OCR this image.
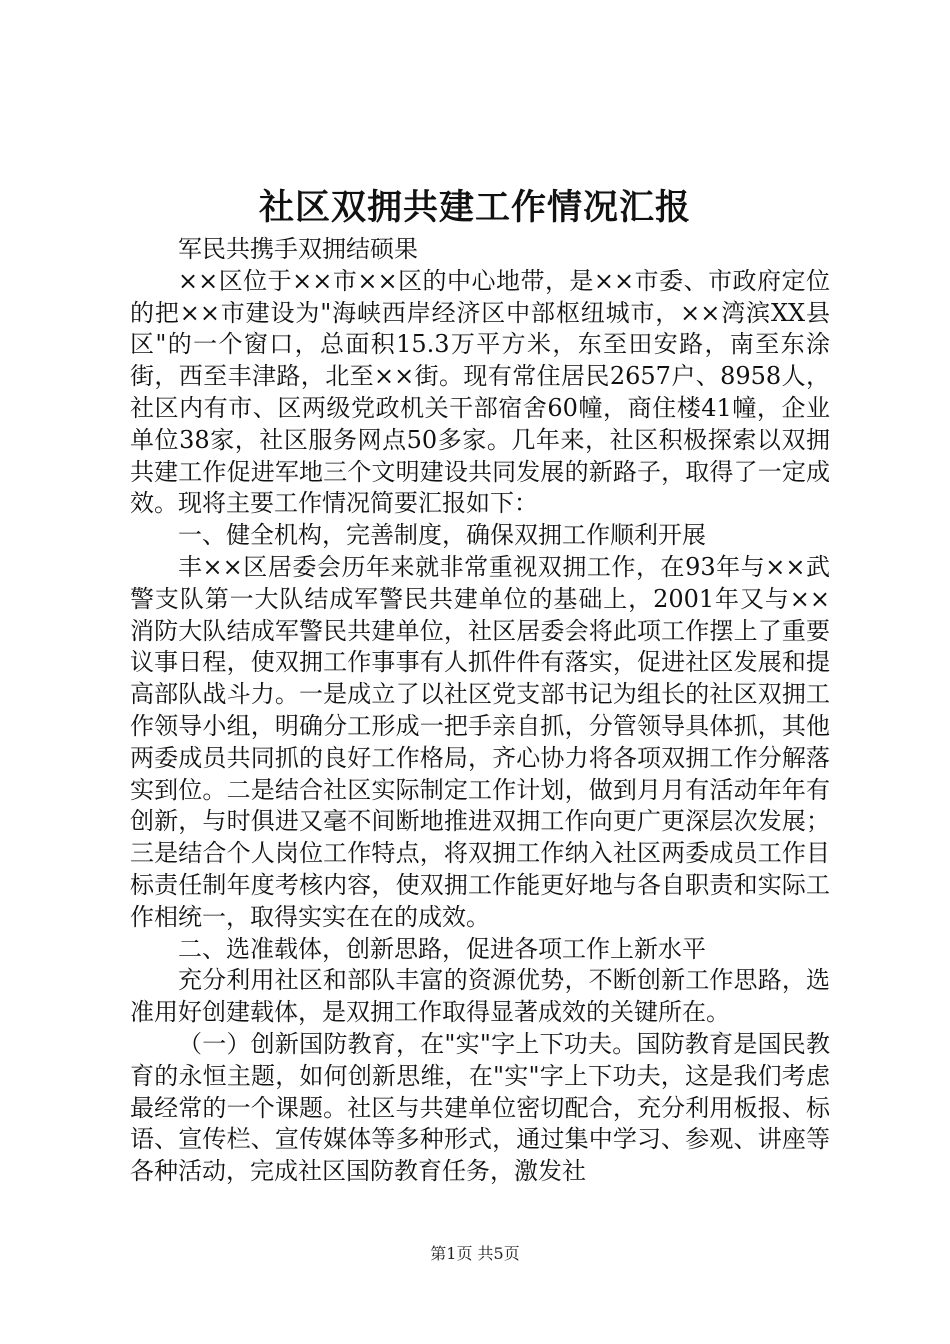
社区双拥共建工作情况汇报

军民共携手双拥结硕果

××区位于××市××区的中心地带，是××市委、市政府定位的把××市建设为"海峡西岸经济区中部枢纽城市，××湾滨XX县区"的一个窗口，总面积15.3万平方米，东至田安路，南至东涂街，西至丰津路，北至××街。现有常住居民2657户、8958人，社区内有市、区两级党政机关干部宿舍60幢，商住楼41幢，企业单位38家，社区服务网点50多家。几年来，社区积极探索以双拥共建工作促进军地三个文明建设共同发展的新路子，取得了一定成效。现将主要工作情况简要汇报如下：

一、健全机构，完善制度，确保双拥工作顺利开展

丰××区居委会历年来就非常重视双拥工作，在93年与××武警支队第一大队结成军警民共建单位的基础上，2001年又与××消防大队结成军警民共建单位，社区居委会将此项工作摆上了重要议事日程，使双拥工作事事有人抓件件有落实，促进社区发展和提高部队战斗力。一是成立了以社区党支部书记为组长的社区双拥工作领导小组，明确分工形成一把手亲自抓，分管领导具体抓，其他两委成员共同抓的良好工作格局，齐心协力将各项双拥工作分解落实到位。二是结合社区实际制定工作计划，做到月月有活动年年有创新，与时俱进又毫不间断地推进双拥工作向更广更深层次发展；三是结合个人岗位工作特点，将双拥工作纳入社区两委成员工作目标责任制年度考核内容，使双拥工作能更好地与各自职责和实际工作相统一，取得实实在在的成效。

二、选准载体，创新思路，促进各项工作上新水平

充分利用社区和部队丰富的资源优势，不断创新工作思路，选准用好创建载体，是双拥工作取得显著成效的关键所在。

（一）创新国防教育，在"实"字上下功夫。国防教育是国民教育的永恒主题，如何创新思维，在"实"字上下功夫，这是我们考虑最经常的一个课题。社区与共建单位密切配合，充分利用板报、标语、宣传栏、宣传媒体等多种形式，通过集中学习、参观、讲座等各种活动，完成社区国防教育任务，激发社

第1页 共5页
